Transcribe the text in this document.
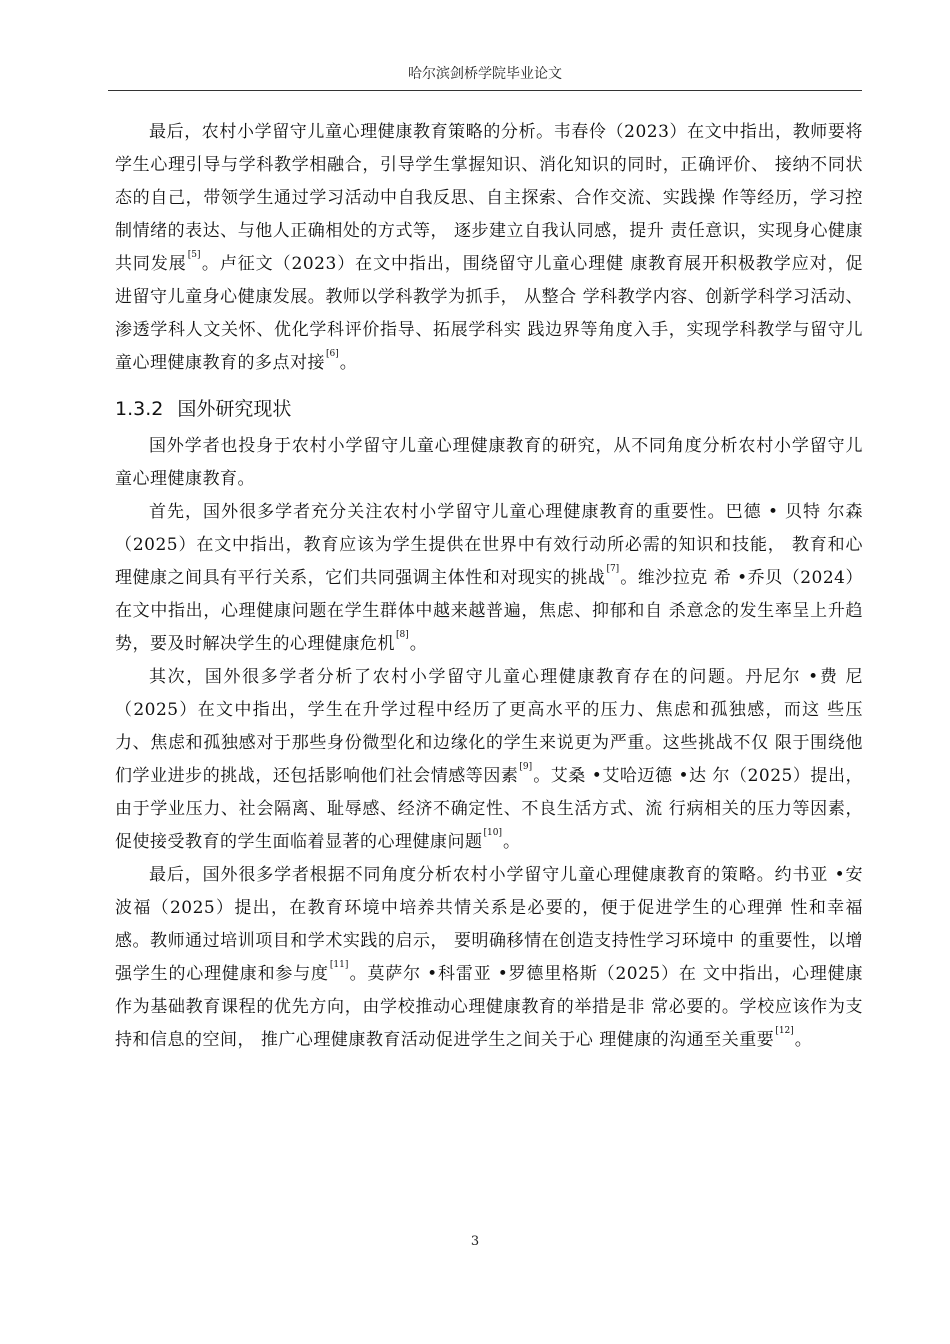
哈尔滨剑桥学院毕业论文

最后，农村小学留守儿童心理健康教育策略的分析。韦春伶（2023）在文中指出，教师要将学生心理引导与学科教学相融合，引导学生掌握知识、消化知识的同时，正确评价、 接纳不同状态的自己，带领学生通过学习活动中自我反思、自主探索、合作交流、实践操 作等经历，学习控制情绪的表达、与他人正确相处的方式等， 逐步建立自我认同感，提升 责任意识，实现身心健康共同发展[5]。卢征文（2023）在文中指出，围绕留守儿童心理健 康教育展开积极教学应对，促进留守儿童身心健康发展。教师以学科教学为抓手， 从整合 学科教学内容、创新学科学习活动、渗透学科人文关怀、优化学科评价指导、拓展学科实 践边界等角度入手，实现学科教学与留守儿童心理健康教育的多点对接[6]。

1.3.2 国外研究现状

国外学者也投身于农村小学留守儿童心理健康教育的研究，从不同角度分析农村小学留守儿童心理健康教育。

首先，国外很多学者充分关注农村小学留守儿童心理健康教育的重要性。巴德 • 贝特 尔森（2025）在文中指出，教育应该为学生提供在世界中有效行动所必需的知识和技能， 教育和心理健康之间具有平行关系，它们共同强调主体性和对现实的挑战[7]。维沙拉克 希 •乔贝（2024）在文中指出，心理健康问题在学生群体中越来越普遍，焦虑、抑郁和自 杀意念的发生率呈上升趋势，要及时解决学生的心理健康危机[8]。

其次，国外很多学者分析了农村小学留守儿童心理健康教育存在的问题。丹尼尔 •费 尼（2025）在文中指出，学生在升学过程中经历了更高水平的压力、焦虑和孤独感，而这 些压力、焦虑和孤独感对于那些身份微型化和边缘化的学生来说更为严重。这些挑战不仅 限于围绕他们学业进步的挑战，还包括影响他们社会情感等因素[9]。艾桑 •艾哈迈德 •达 尔（2025）提出，由于学业压力、社会隔离、耻辱感、经济不确定性、不良生活方式、流 行病相关的压力等因素，促使接受教育的学生面临着显著的心理健康问题[10]。

最后，国外很多学者根据不同角度分析农村小学留守儿童心理健康教育的策略。约书亚 •安波福（2025）提出，在教育环境中培养共情关系是必要的，便于促进学生的心理弹 性和幸福感。教师通过培训项目和学术实践的启示， 要明确移情在创造支持性学习环境中 的重要性，以增强学生的心理健康和参与度[11]。莫萨尔 •科雷亚 •罗德里格斯（2025）在 文中指出，心理健康作为基础教育课程的优先方向，由学校推动心理健康教育的举措是非 常必要的。学校应该作为支持和信息的空间， 推广心理健康教育活动促进学生之间关于心 理健康的沟通至关重要[12]。

3
